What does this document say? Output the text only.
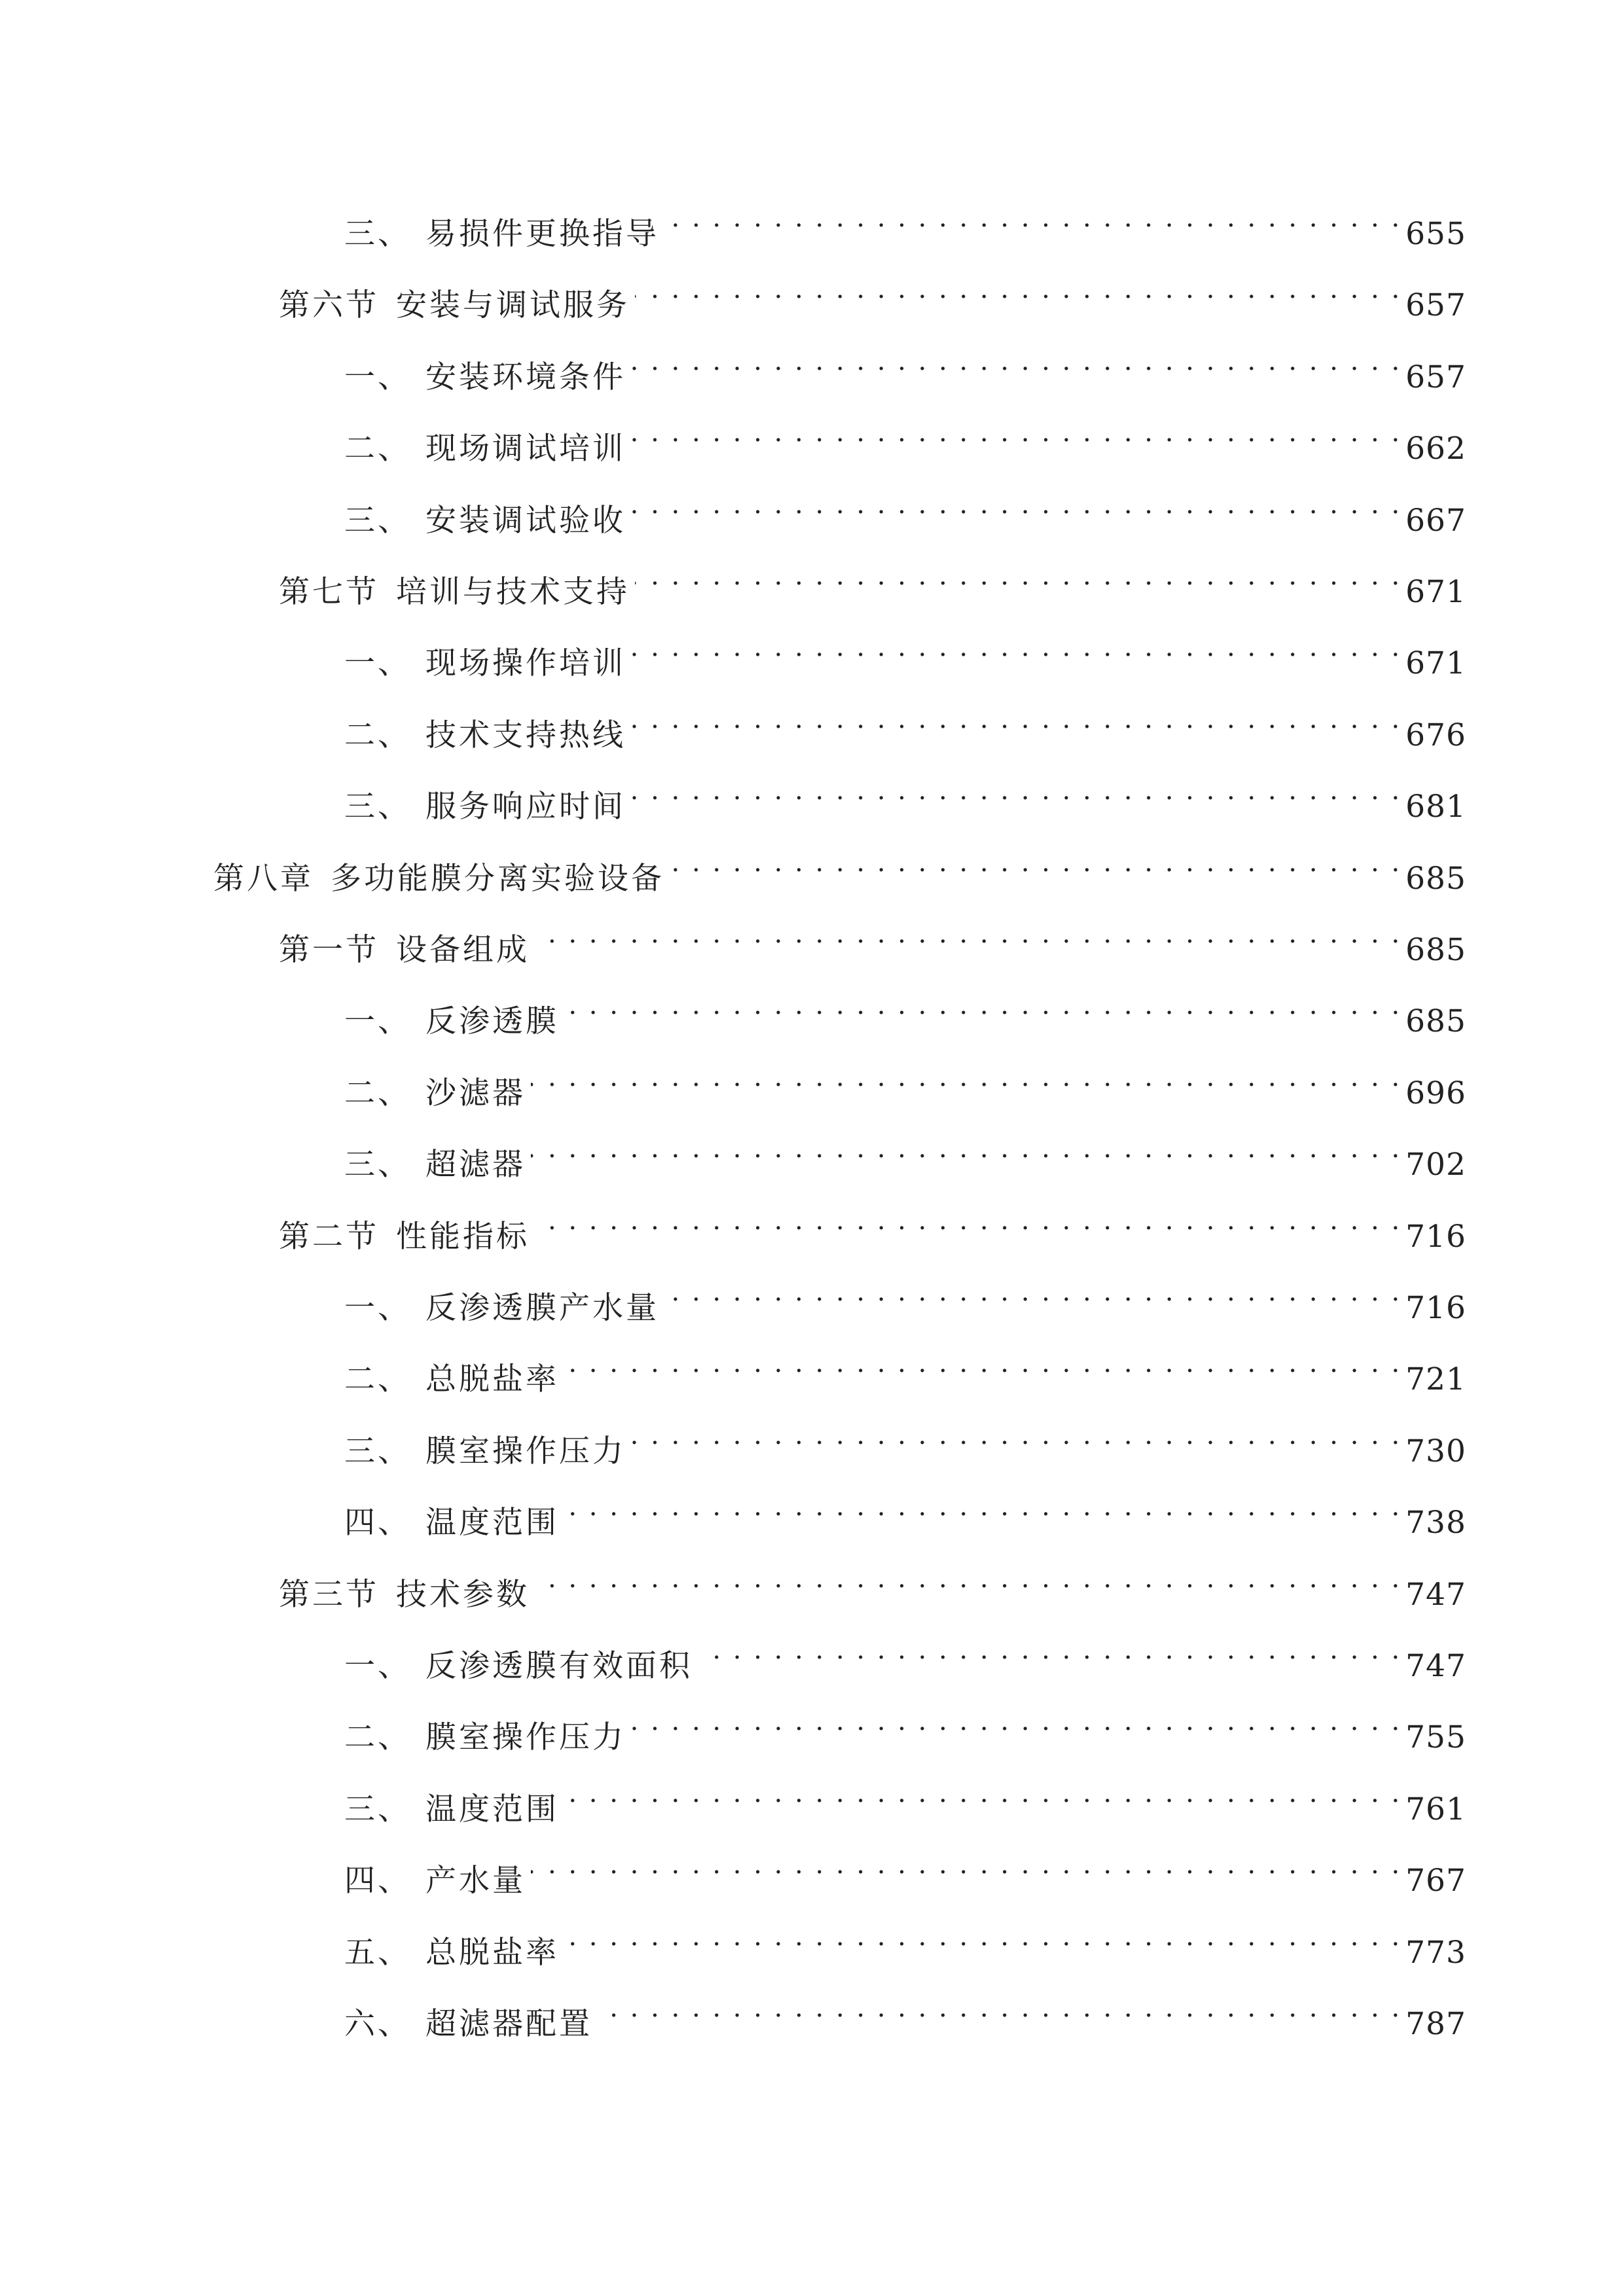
三、 易损件更换指导 . . .	655
第六节 安装与调试服务 . . .	657
一、 安装环境条件 . . .	657
二、 现场调试培训 . . .	662
三、 安装调试验收 . . .	667
第七节 培训与技术支持 . . .	671
一、 现场操作培训 . . .	671
二、 技术支持热线 . . .	676
三、 服务响应时间 . . .	681
第八章 多功能膜分离实验设备 . . .	685
第一节 设备组成 . . .	685
一、 反渗透膜 . . .	685
二、 沙滤器 . . .	696
三、 超滤器 . . .	702
第二节 性能指标 . . .	716
一、 反渗透膜产水量 . . .	716
二、 总脱盐率 . . .	721
三、 膜室操作压力 . . .	730
四、 温度范围 . . .	738
第三节 技术参数 . . .	747
一、 反渗透膜有效面积 . . .	747
二、 膜室操作压力 . . .	755
三、 温度范围 . . .	761
四、 产水量 . . .	767
五、 总脱盐率 . . .	773
六、 超滤器配置 . . .	787
